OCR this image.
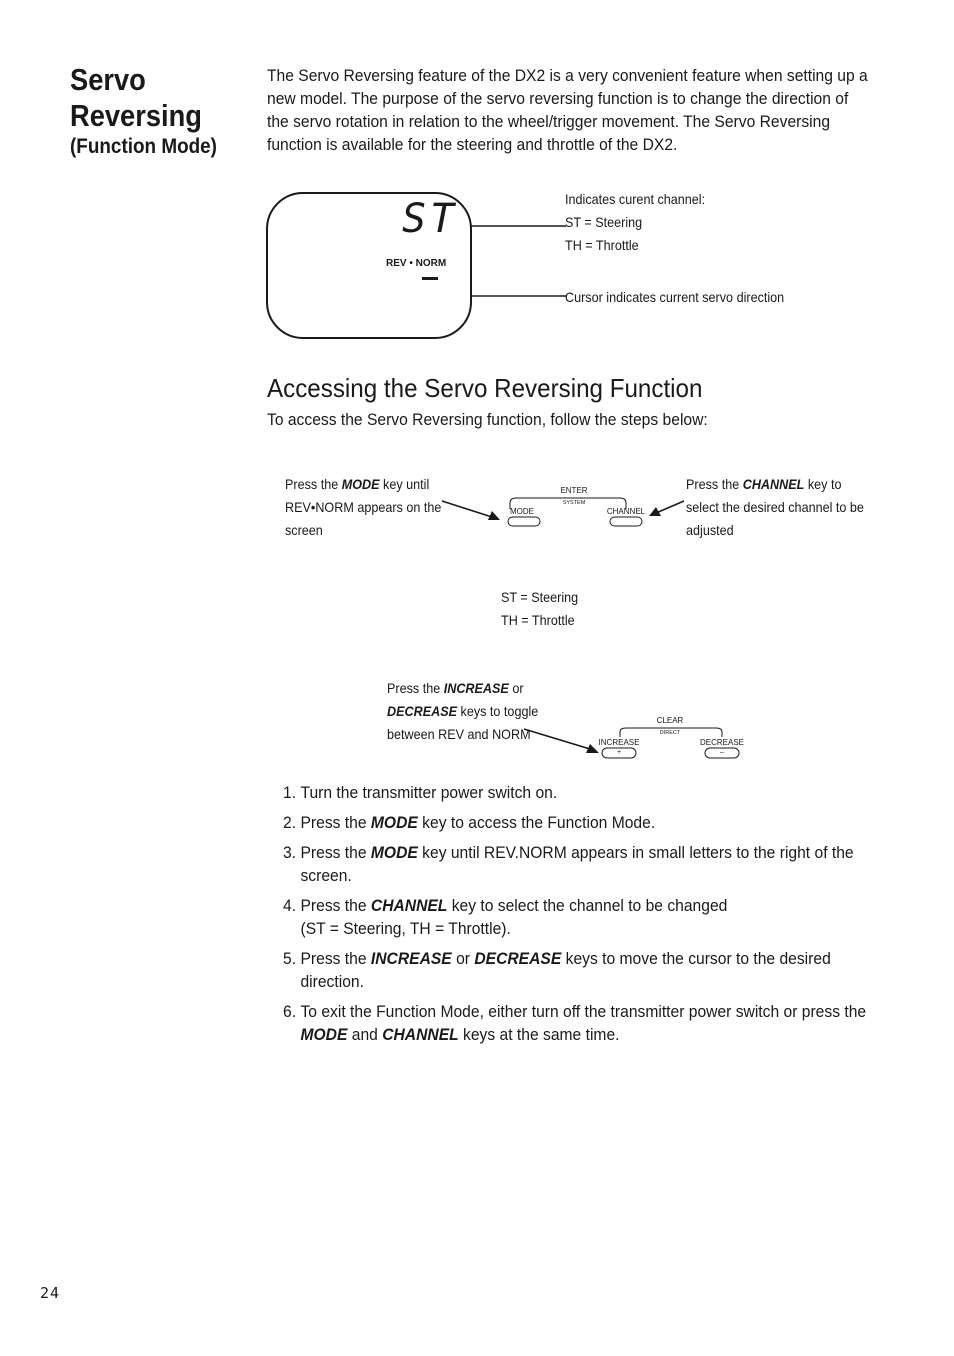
Servo Reversing
(Function Mode)
The Servo Reversing feature of the DX2 is a very convenient feature when setting up a new model. The purpose of the servo reversing function is to change the direction of the servo rotation in relation to the wheel/trigger movement. The Servo Reversing function is available for the steering and throttle of the DX2.
ST
REV • NORM
Indicates curent channel:
ST = Steering
TH = Throttle
Cursor indicates current servo direction
Accessing the Servo Reversing Function
To access the Servo Reversing function, follow the steps below:
Press the MODE key until
REV•NORM appears on the
screen
Press the CHANNEL key to
select the desired channel to be
adjusted
ENTER
SYSTEM
MODE	CHANNEL
ST = Steering
TH = Throttle
Press the INCREASE or
DECREASE keys to toggle
between REV and NORM
CLEAR
DIRECT
INCREASE	DECREASE
+	–
1. Turn the transmitter power switch on.
2. Press the MODE key to access the Function Mode.
3. Press the MODE key until REV.NORM appears in small letters to the right of the screen.
4. Press the CHANNEL key to select the channel to be changed
(ST = Steering, TH = Throttle).
5. Press the INCREASE or DECREASE keys to move the cursor to the desired direction.
6. To exit the Function Mode, either turn off the transmitter power switch or press the MODE and CHANNEL keys at the same time.
24
